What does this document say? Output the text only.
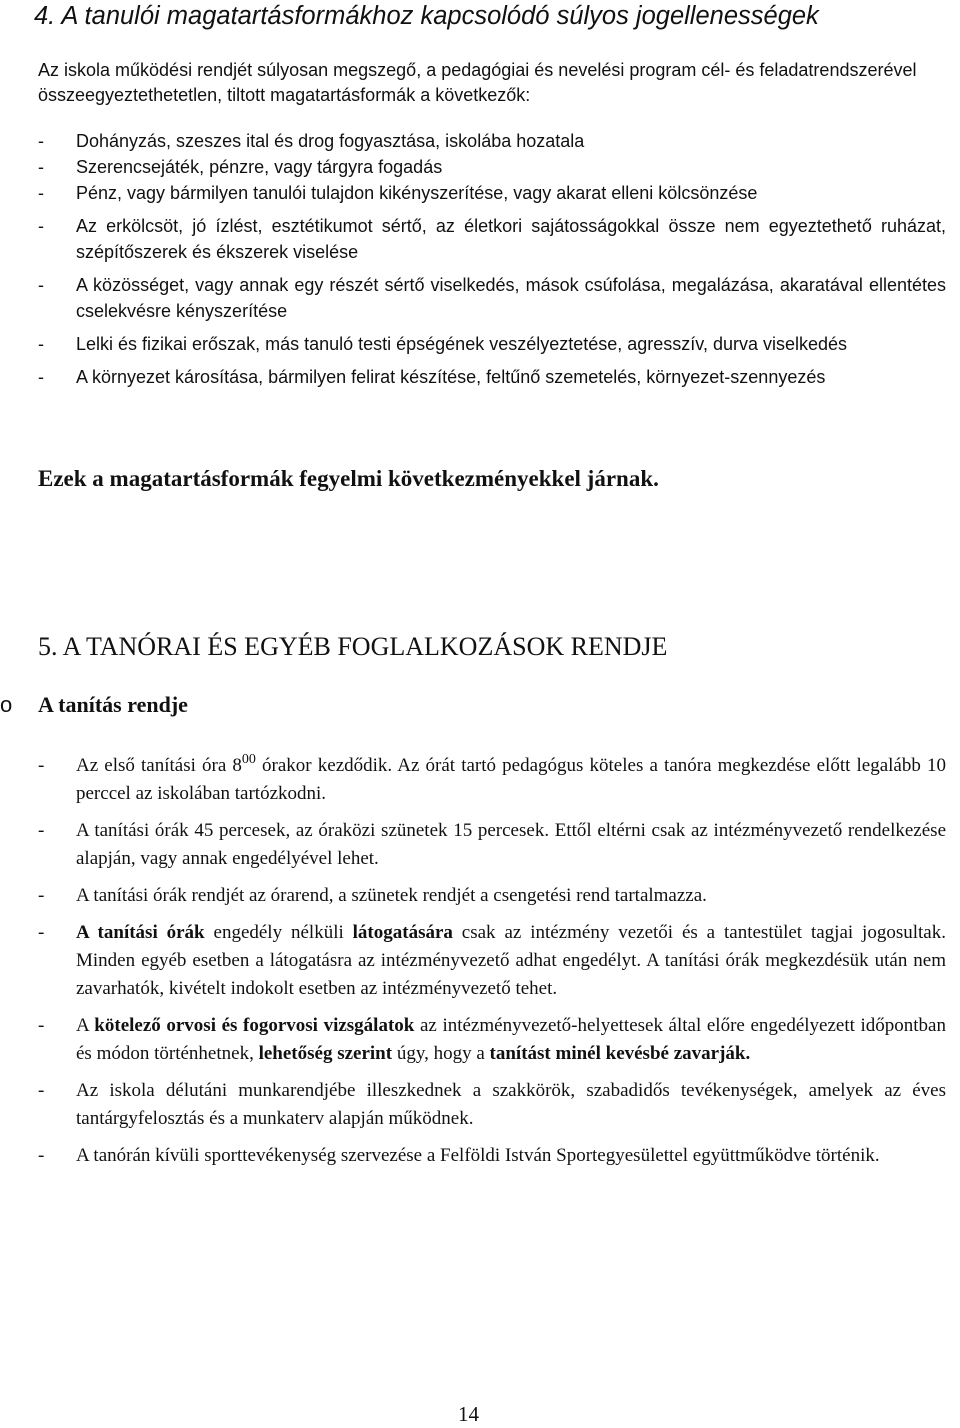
4. A tanulói magatartásformákhoz kapcsolódó súlyos jogellenességek
Az iskola működési rendjét súlyosan megszegő, a pedagógiai és nevelési program cél- és feladatrendszerével összeegyeztethetetlen, tiltott magatartásformák a következők:
- Dohányzás, szeszes ital és drog fogyasztása, iskolába hozatala
- Szerencsejáték, pénzre, vagy tárgyra fogadás
- Pénz, vagy bármilyen tanulói tulajdon kikényszerítése, vagy akarat elleni kölcsönzése
- Az erkölcsöt, jó ízlést, esztétikumot sértő, az életkori sajátosságokkal össze nem egyeztethető ruházat, szépítőszerek és ékszerek viselése
- A közösséget, vagy annak egy részét sértő viselkedés, mások csúfolása, megalázása, akaratával ellentétes cselekvésre kényszerítése
- Lelki és fizikai erőszak, más tanuló testi épségének veszélyeztetése, agresszív, durva viselkedés
- A környezet károsítása, bármilyen felirat készítése, feltűnő szemetelés, környezet-szennyezés
Ezek a magatartásformák fegyelmi következményekkel járnak.
5. A TANÓRAI ÉS EGYÉB FOGLALKOZÁSOK RENDJE
o A tanítás rendje
- Az első tanítási óra $8^{00}$ órakor kezdődik. Az órát tartó pedagógus köteles a tanóra megkezdése előtt legalább 10 perccel az iskolában tartózkodni.
- A tanítási órák 45 percesek, az óraközi szünetek 15 percesek. Ettől eltérni csak az intézményvezető rendelkezése alapján, vagy annak engedélyével lehet.
- A tanítási órák rendjét az órarend, a szünetek rendjét a csengetési rend tartalmazza.
- A tanítási órák engedély nélküli látogatására csak az intézmény vezetői és a tantestület tagjai jogosultak. Minden egyéb esetben a látogatásra az intézményvezető adhat engedélyt. A tanítási órák megkezdésük után nem zavarhatók, kivételt indokolt esetben az intézményvezető tehet.
- A kötelező orvosi és fogorvosi vizsgálatok az intézményvezető-helyettesek által előre engedélyezett időpontban és módon történhetnek, lehetőség szerint úgy, hogy a tanítást minél kevésbé zavarják.
- Az iskola délutáni munkarendjébe illeszkednek a szakkörök, szabadidős tevékenységek, amelyek az éves tantárgyfelosztás és a munkaterv alapján működnek.
- A tanórán kívüli sporttevékenység szervezése a Felföldi István Sportegyesülettel együttműködve történik.
14
